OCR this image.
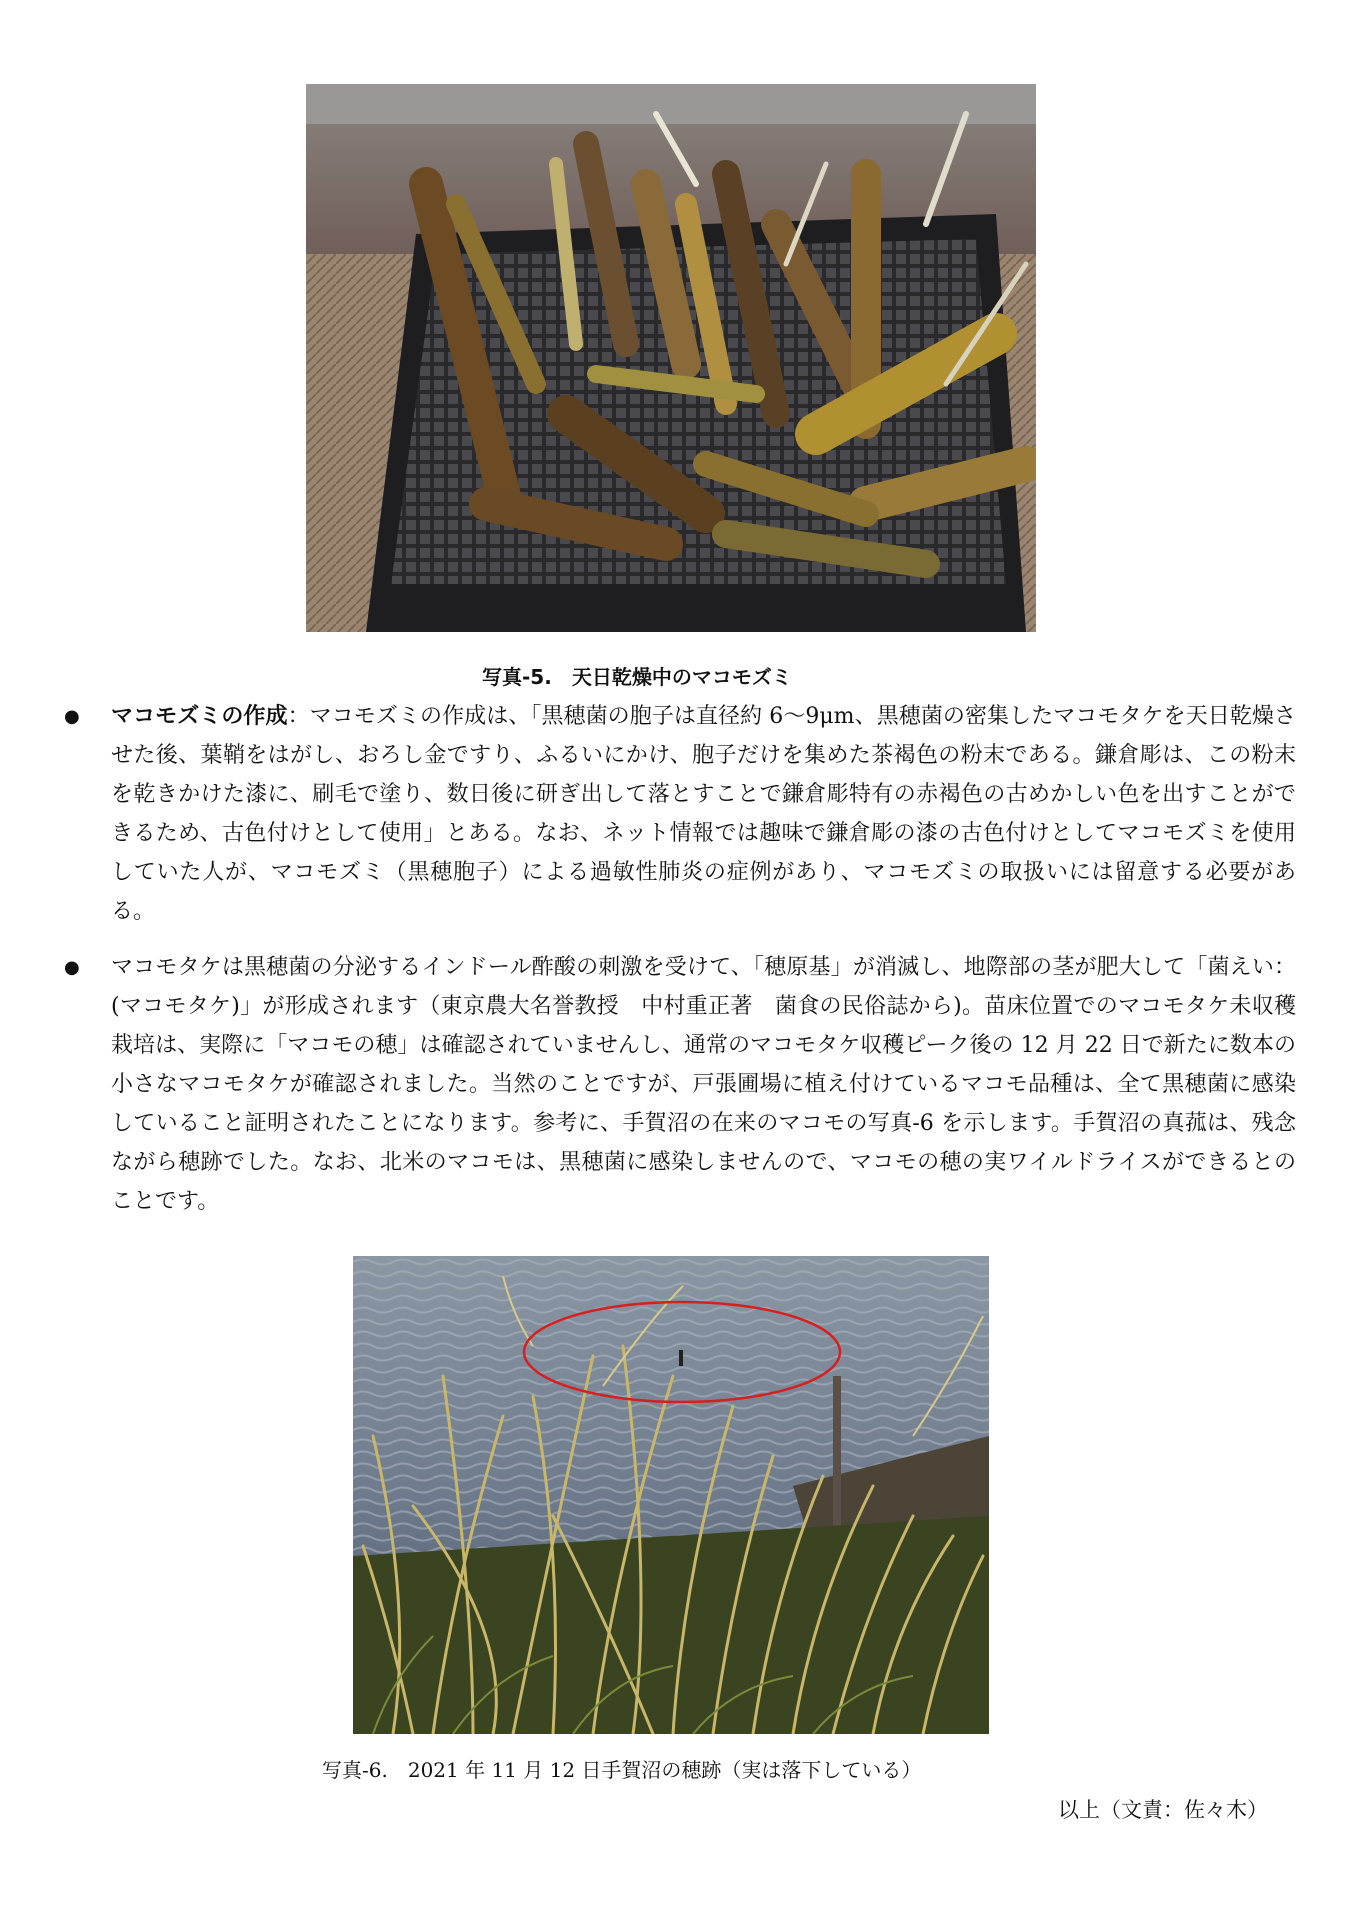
写真-5.　天日乾燥中のマコモズミ
● マコモズミの作成：マコモズミの作成は、「黒穂菌の胞子は直径約 6～9μm、黒穂菌の密集したマコモタケを天日乾燥させた後、葉鞘をはがし、おろし金ですり、ふるいにかけ、胞子だけを集めた茶褐色の粉末である。鎌倉彫は、この粉末を乾きかけた漆に、刷毛で塗り、数日後に研ぎ出して落とすことで鎌倉彫特有の赤褐色の古めかしい色を出すことができるため、古色付けとして使用」とある。なお、ネット情報では趣味で鎌倉彫の漆の古色付けとしてマコモズミを使用していた人が、マコモズミ（黒穂胞子）による過敏性肺炎の症例があり、マコモズミの取扱いには留意する必要がある。
● マコモタケは黒穂菌の分泌するインドール酢酸の刺激を受けて、「穂原基」が消滅し、地際部の茎が肥大して「菌えい：(マコモタケ)」が形成されます（東京農大名誉教授　中村重正著　菌食の民俗誌から)。苗床位置でのマコモタケ未収穫栽培は、実際に「マコモの穂」は確認されていませんし、通常のマコモタケ収穫ピーク後の 12 月 22 日で新たに数本の小さなマコモタケが確認されました。当然のことですが、戸張圃場に植え付けているマコモ品種は、全て黒穂菌に感染していること証明されたことになります。参考に、手賀沼の在来のマコモの写真-6 を示します。手賀沼の真菰は、残念ながら穂跡でした。なお、北米のマコモは、黒穂菌に感染しませんので、マコモの穂の実ワイルドライスができるとのことです。
写真-6.　2021 年 11 月 12 日手賀沼の穂跡（実は落下している）
以上（文責：佐々木）
